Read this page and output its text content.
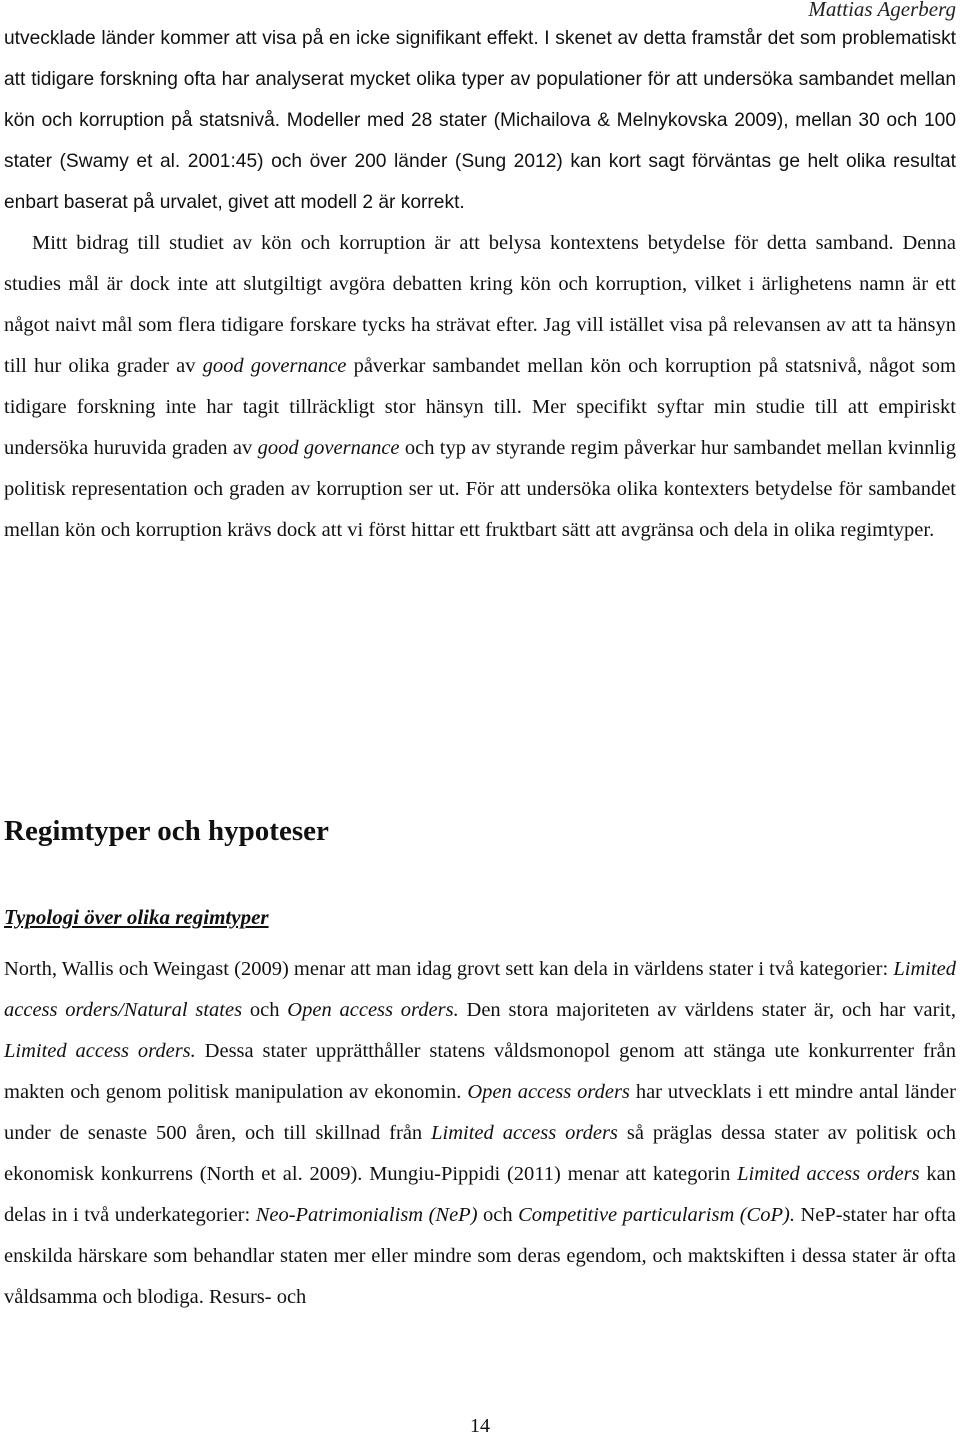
Mattias Agerberg

utvecklade länder kommer att visa på en icke signifikant effekt. I skenet av detta framstår det som problematiskt att tidigare forskning ofta har analyserat mycket olika typer av populationer för att undersöka sambandet mellan kön och korruption på statsnivå. Modeller med 28 stater (Michailova & Melnykovska 2009), mellan 30 och 100 stater (Swamy et al. 2001:45) och över 200 länder (Sung 2012) kan kort sagt förväntas ge helt olika resultat enbart baserat på urvalet, givet att modell 2 är korrekt.

Mitt bidrag till studiet av kön och korruption är att belysa kontextens betydelse för detta samband. Denna studies mål är dock inte att slutgiltigt avgöra debatten kring kön och korruption, vilket i ärlighetens namn är ett något naivt mål som flera tidigare forskare tycks ha strävat efter. Jag vill istället visa på relevansen av att ta hänsyn till hur olika grader av good governance påverkar sambandet mellan kön och korruption på statsnivå, något som tidigare forskning inte har tagit tillräckligt stor hänsyn till. Mer specifikt syftar min studie till att empiriskt undersöka huruvida graden av good governance och typ av styrande regim påverkar hur sambandet mellan kvinnlig politisk representation och graden av korruption ser ut. För att undersöka olika kontexters betydelse för sambandet mellan kön och korruption krävs dock att vi först hittar ett fruktbart sätt att avgränsa och dela in olika regimtyper.

Regimtyper och hypoteser
Typologi över olika regimtyper

North, Wallis och Weingast (2009) menar att man idag grovt sett kan dela in världens stater i två kategorier: Limited access orders/Natural states och Open access orders. Den stora majoriteten av världens stater är, och har varit, Limited access orders. Dessa stater upprätthåller statens våldsmonopol genom att stänga ute konkurrenter från makten och genom politisk manipulation av ekonomin. Open access orders har utvecklats i ett mindre antal länder under de senaste 500 åren, och till skillnad från Limited access orders så präglas dessa stater av politisk och ekonomisk konkurrens (North et al. 2009). Mungiu-Pippidi (2011) menar att kategorin Limited access orders kan delas in i två underkategorier: Neo-Patrimonialism (NeP) och Competitive particularism (CoP). NeP-stater har ofta enskilda härskare som behandlar staten mer eller mindre som deras egendom, och maktskiften i dessa stater är ofta våldsamma och blodiga. Resurs- och

14
